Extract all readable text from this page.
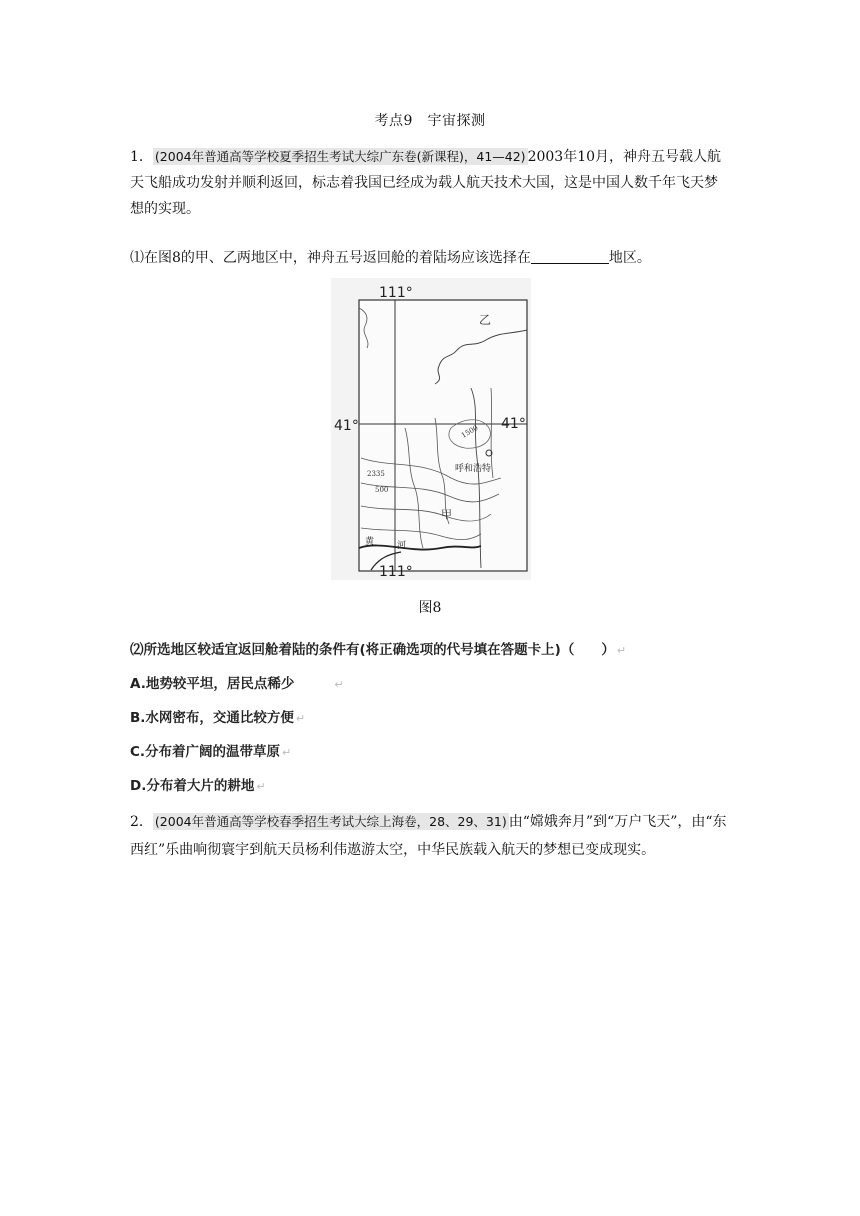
考点9　宇宙探测
1． (2004年普通高等学校夏季招生考试大综广东卷(新课程)，41—42) 2003年10月，神舟五号载人航天飞船成功发射并顺利返回，标志着我国已经成为载人航天技术大国，这是中国人数千年飞天梦想的实现。
⑴在图8的甲、乙两地区中，神舟五号返回舱的着陆场应该选择在	地区。
111°
111°
41°	41°
乙
甲
呼和浩特
1500
2335
500
黄	河
图8
⑵所选地区较适宜返回舱着陆的条件有(将正确选项的代号填在答题卡上)（　　） ↵
A.地势较平坦，居民点稀少	↵
B.水网密布，交通比较方便 ↵
C.分布着广阔的温带草原 ↵
D.分布着大片的耕地 ↵
2． (2004年普通高等学校春季招生考试大综上海卷，28、29、31) 由“嫦娥奔月”到“万户飞天”，由“东西红”乐曲响彻寰宇到航天员杨利伟遨游太空，中华民族载入航天的梦想已变成现实。
